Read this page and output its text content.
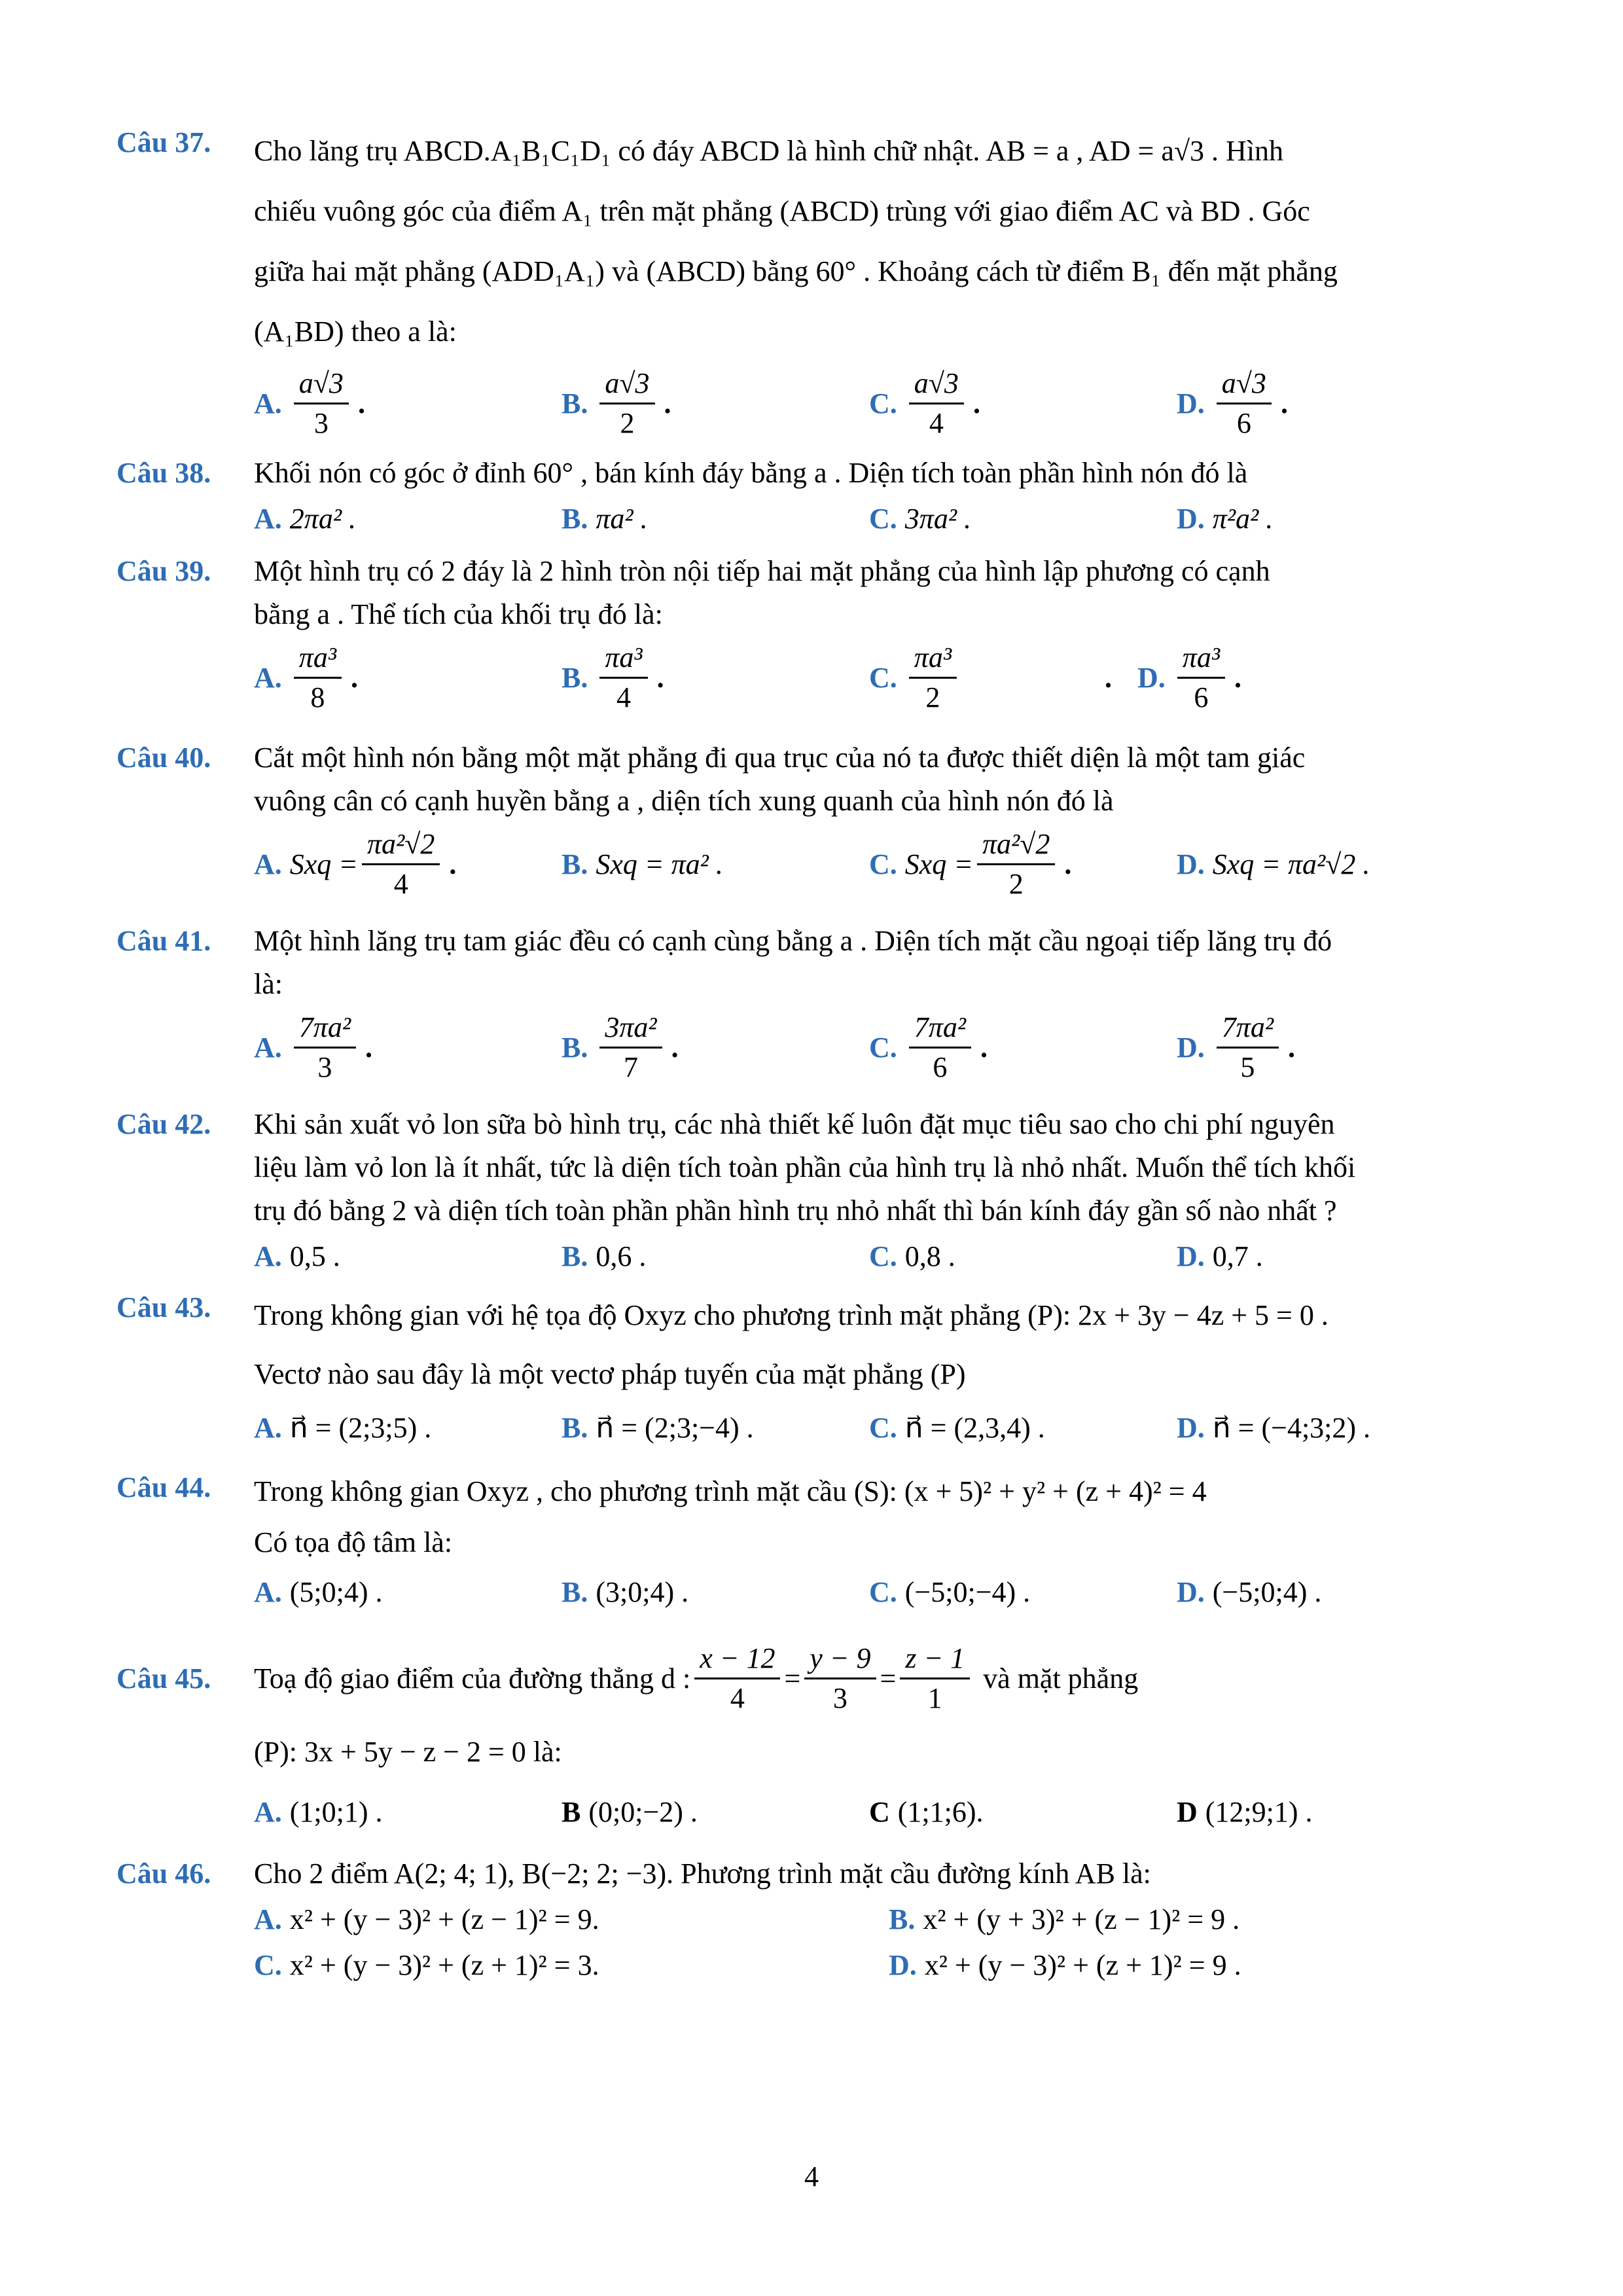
Câu 37.	Cho lăng trụ ABCD.A₁B₁C₁D₁ có đáy ABCD là hình chữ nhật. AB = a , AD = a√3 . Hình
chiếu vuông góc của điểm A₁ trên mặt phẳng (ABCD) trùng với giao điểm AC và BD . Góc
giữa hai mặt phẳng (ADD₁A₁) và (ABCD) bằng 60° . Khoảng cách từ điểm B₁ đến mặt phẳng
(A₁BD) theo a là:
A. $\frac{a√3}{3}$ .	B. $\frac{a√3}{2}$ .	C. $\frac{a√3}{4}$ .	D. $\frac{a√3}{6}$ .
Câu 38.	Khối nón có góc ở đỉnh 60° , bán kính đáy bằng a . Diện tích toàn phần hình nón đó là
A. 2πa² .	B. πa² .	C. 3πa² .	D. π²a² .
Câu 39.	Một hình trụ có 2 đáy là 2 hình tròn nội tiếp hai mặt phẳng của hình lập phương có cạnh
bằng a . Thể tích của khối trụ đó là:
A. $\frac{\text{πa³}}{8}$ .	B. $\frac{\text{πa³}}{4}$ .	C. $\frac{\text{πa³}}{2}$	. D. $\frac{\text{πa³}}{6}$ .
Câu 40.	Cắt một hình nón bằng một mặt phẳng đi qua trục của nó ta được thiết diện là một tam giác
vuông cân có cạnh huyền bằng a , diện tích xung quanh của hình nón đó là
A. Sxq = $\frac{\text{πa²√2}}{4}$ .	B. Sxq = πa² .	C. Sxq = $\frac{\text{πa²√2}}{2}$ .	D. Sxq = πa²√2 .
Câu 41.	Một hình lăng trụ tam giác đều có cạnh cùng bằng a . Diện tích mặt cầu ngoại tiếp lăng trụ đó
là:
A. $\frac{\text{7πa²}}{3}$ .	B. $\frac{\text{3πa²}}{7}$ .	C. $\frac{\text{7πa²}}{6}$ .	D. $\frac{\text{7πa²}}{5}$ .
Câu 42.	Khi sản xuất vỏ lon sữa bò hình trụ, các nhà thiết kế luôn đặt mục tiêu sao cho chi phí nguyên
liệu làm vỏ lon là ít nhất, tức là diện tích toàn phần của hình trụ là nhỏ nhất. Muốn thể tích khối
trụ đó bằng 2 và diện tích toàn phần phần hình trụ nhỏ nhất thì bán kính đáy gần số nào nhất ?
A. 0,5 .	B. 0,6 .	C. 0,8 .	D. 0,7 .
Câu 43.	Trong không gian với hệ tọa độ Oxyz cho phương trình mặt phẳng (P): 2x + 3y − 4z + 5 = 0 .
Vectơ nào sau đây là một vectơ pháp tuyến của mặt phẳng (P)
A. n⃗ = (2;3;5) .	B. n⃗ = (2;3;−4) .	C. n⃗ = (2,3,4) .	D. n⃗ = (−4;3;2) .
Câu 44.	Trong không gian Oxyz , cho phương trình mặt cầu (S): (x + 5)² + y² + (z + 4)² = 4
Có tọa độ tâm là:
A. (5;0;4) .	B. (3;0;4) .	C. (−5;0;−4) .	D. (−5;0;4) .
Câu 45.	Toạ độ giao điểm của đường thẳng d : $\frac{x - 12}{4} = \frac{y - 9}{3} = \frac{z - 1}{1}$ và mặt phẳng
(P): 3x + 5y − z − 2 = 0 là:
A. (1;0;1) .	B (0;0;−2) .	C (1;1;6).	D (12;9;1) .
Câu 46.	Cho 2 điểm A(2; 4; 1), B(−2; 2; −3). Phương trình mặt cầu đường kính AB là:
A. x² + (y − 3)² + (z − 1)² = 9.	B. x² + (y + 3)² + (z − 1)² = 9 .
C. x² + (y − 3)² + (z + 1)² = 3.	D. x² + (y − 3)² + (z + 1)² = 9 .
4
